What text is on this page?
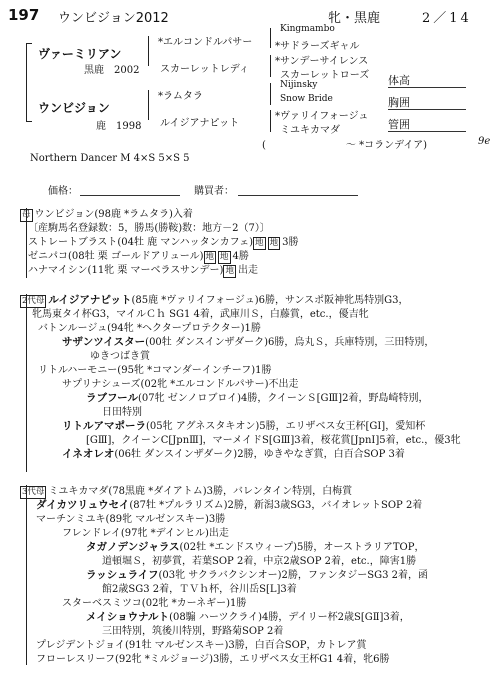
197 ウンビジョン2012	牝・黒鹿	2／14
ヴァーミリアン
黒鹿　2002
ウンビジョン
鹿　1998
*エルコンドルパサー
スカーレットレディ
*ラムタラ
ルイジアナピット
Kingmambo
*サドラーズギャル
*サンデーサイレンス
スカーレットローズ
Nijinsky
Snow Bride
*ヴァリイフォージュ
ミユキカマダ
(　　　　　　　　〜 *コランデイア)	9e
Northern Dancer M 4×S 5×S 5
体高
胸囲
管囲
価格：	購買者：
母 ウンビジョン(98鹿 *ラムタラ)入着
〔産駒馬名登録数：5，勝馬(勝鞍)数：地方－2（7）〕
ストレートブラスト(04牡 鹿 マンハッタンカフェ) 地 地 3勝
ゼニパコ(08牡 栗 ゴールドアリュール) 地 地 4勝
ハナマイシン(11牝 栗 マーベラスサンデー) 地 出走
2代母 ルイジアナピット(85鹿 *ヴァリイフォージュ)6勝，サンスポ阪神牝馬特別G3，
牝馬東タイ杯G3，マイルＣｈ SG1 4着，武庫川Ｓ，白藤賞，etc.，優吉牝
バトンルージュ(94牝 *ヘクタープロテクター)1勝
サザンツイスター(00牡 ダンスインザダーク)6勝，烏丸Ｓ，兵庫特別，三田特別，
ゆきつばき賞
リトルハーモニー(95牝 *コマンダーインチーフ)1勝
サプリナシューズ(02牝 *エルコンドルパサー)不出走
ラブフール(07牝 ゼンノロブロイ)4勝，クイーンＳ[GⅢ]2着，野島崎特別，
日田特別
リトルアマポーラ(05牝 アグネスタキオン)5勝，エリザベス女王杯[GⅠ]，愛知杯
[GⅢ]，クイーンC[JpnⅢ]，マーメイドS[GⅢ]3着，桜花賞[JpnⅠ]5着，etc.，優3牝
イネオレオ(06牡 ダンスインザダーク)2勝，ゆきやなぎ賞，白百合SOP 3着
3代母 ミユキカマダ(78黒鹿 *ダイアトム)3勝，バレンタイン特別，白梅賞
ダイカツリュウセイ(87牡 *プルラリズム)2勝，新潟3歳SG3，バイオレットSOP 2着
マーチンミユキ(89牝 マルゼンスキー)3勝
フレンドレイ(97牝 *デインヒル)出走
タガノデンジャラス(02牡 *エンドスウィープ)5勝，オーストラリアTOP，
道頓堀Ｓ，初夢賞，若葉SOP 2着，中京2歳SOP 2着，etc.，障害1勝
ラッシュライフ(03牝 サクラバクシンオー)2勝，ファンタジーSG3 2着，函
館2歳SG3 2着，ＴＶｈ杯，谷川岳S[L]3着
スターベスミツコ(02牝 *カーネギー)1勝
メイショウナルト(08騸 ハーツクライ)4勝，デイリー杯2歳S[GⅡ]3着，
三田特別，筑後川特別，野路菊SOP 2着
プレジデントジョイ(91牡 マルゼンスキー)3勝，白百合SOP，カトレア賞
フローレスリーフ(92牝 *ミルジョージ)3勝，エリザベス女王杯G1 4着，牝6勝
